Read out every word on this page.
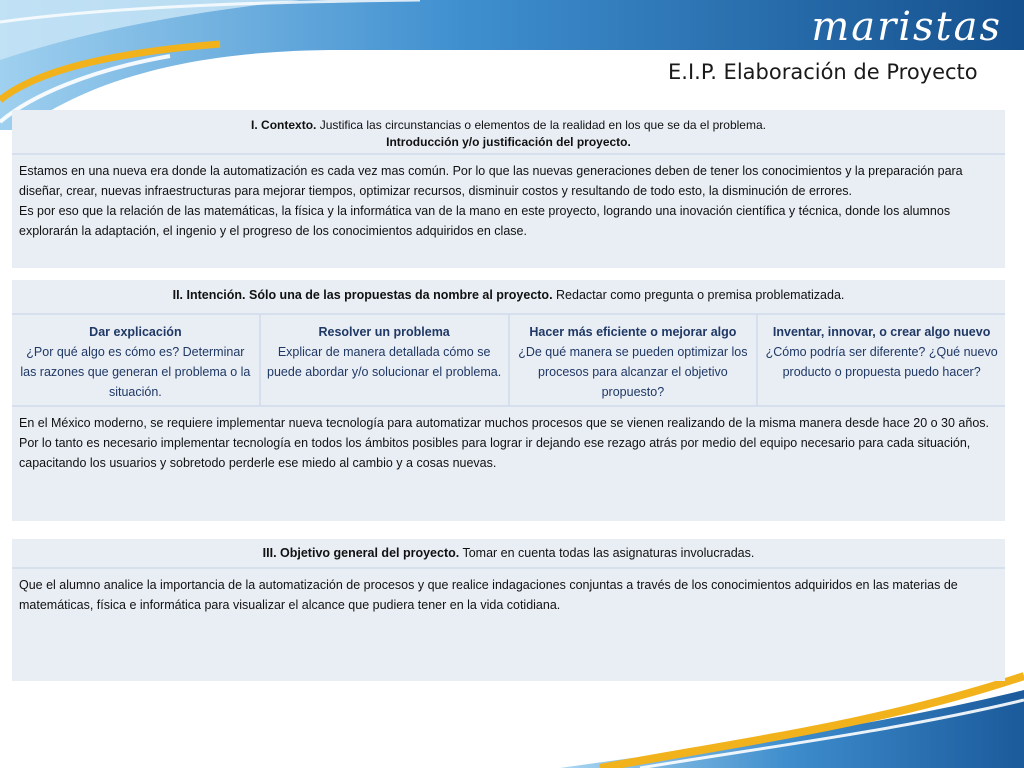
maristas
E.I.P. Elaboración de Proyecto
I. Contexto. Justifica las circunstancias o elementos de la realidad en los que se da el problema.
Introducción y/o justificación del proyecto.

Estamos en una nueva era donde la automatización es cada vez mas común. Por lo que las nuevas generaciones deben de tener los conocimientos y la preparación para diseñar, crear, nuevas infraestructuras para mejorar tiempos, optimizar recursos, disminuir costos y resultando de todo esto, la disminución de errores.

Es por eso que la relación de las matemáticas, la física y la informática van de la mano en este proyecto, logrando una inovación científica y técnica, donde los alumnos explorarán la adaptación, el ingenio y el progreso de los conocimientos adquiridos en clase.

II. Intención. Sólo una de las propuestas da nombre al proyecto. Redactar como pregunta o premisa problematizada.
Dar explicación
¿Por qué algo es cómo es? Determinar las razones que generan el problema o la situación.
Resolver un problema
Explicar de manera detallada cómo se puede abordar y/o solucionar el problema.
Hacer más eficiente o mejorar algo
¿De qué manera se pueden optimizar los procesos para alcanzar el objetivo propuesto?
Inventar, innovar, o crear algo nuevo
¿Cómo podría ser diferente? ¿Qué nuevo producto o propuesta puedo hacer?

En el México moderno, se requiere implementar nueva tecnología para automatizar muchos procesos que se vienen realizando de la misma manera desde hace 20 o 30 años. Por lo tanto es necesario implementar tecnología en todos los ámbitos posibles para lograr ir dejando ese rezago atrás por medio del equipo necesario para cada situación, capacitando los usuarios y sobretodo perderle ese miedo al cambio y a cosas nuevas.

III. Objetivo general del proyecto. Tomar en cuenta todas las asignaturas involucradas.

Que el alumno analice la importancia de la automatización de procesos y que realice indagaciones conjuntas a través de los conocimientos adquiridos en las materias de matemáticas, física e informática para visualizar el alcance que pudiera tener en la vida cotidiana.
